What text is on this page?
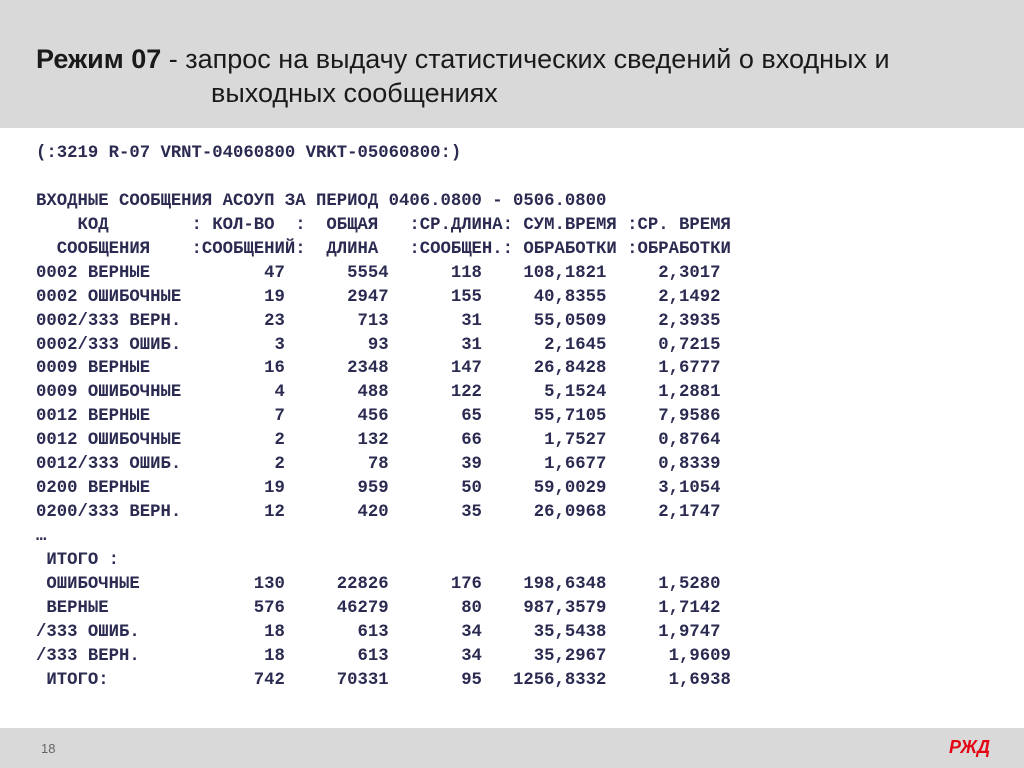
Режим 07 - запрос на выдачу статистических сведений о входных и
выходных сообщениях
(:3219 R-07 VRNT-04060800 VRKT-05060800:)
ВХОДНЫЕ СООБЩЕНИЯ АСОУП ЗА ПЕРИОД 0406.0800 - 0506.0800
КОД        : КОЛ-ВО  :  ОБЩАЯ   :СР.ДЛИНА: СУМ.ВРЕМЯ :СР. ВРЕМЯ
СООБЩЕНИЯ    :СООБЩЕНИЙ:  ДЛИНА   :СООБЩЕН.: ОБРАБОТКИ :ОБРАБОТКИ
0002 ВЕРНЫЕ           47      5554      118    108,1821     2,3017
0002 ОШИБОЧНЫЕ        19      2947      155     40,8355     2,1492
0002/333 ВЕРН.        23       713       31     55,0509     2,3935
0002/333 ОШИБ.         3        93       31      2,1645     0,7215
0009 ВЕРНЫЕ           16      2348      147     26,8428     1,6777
0009 ОШИБОЧНЫЕ         4       488      122      5,1524     1,2881
0012 ВЕРНЫЕ            7       456       65     55,7105     7,9586
0012 ОШИБОЧНЫЕ         2       132       66      1,7527     0,8764
0012/333 ОШИБ.         2        78       39      1,6677     0,8339
0200 ВЕРНЫЕ           19       959       50     59,0029     3,1054
0200/333 ВЕРН.        12       420       35     26,0968     2,1747
…
ИТОГО :
ОШИБОЧНЫЕ           130     22826      176    198,6348     1,5280
ВЕРНЫЕ              576     46279       80    987,3579     1,7142
/333 ОШИБ.            18       613       34     35,5438     1,9747
/333 ВЕРН.            18       613       34     35,2967      1,9609
ИТОГО:              742     70331       95   1256,8332      1,6938
18	РЖД
